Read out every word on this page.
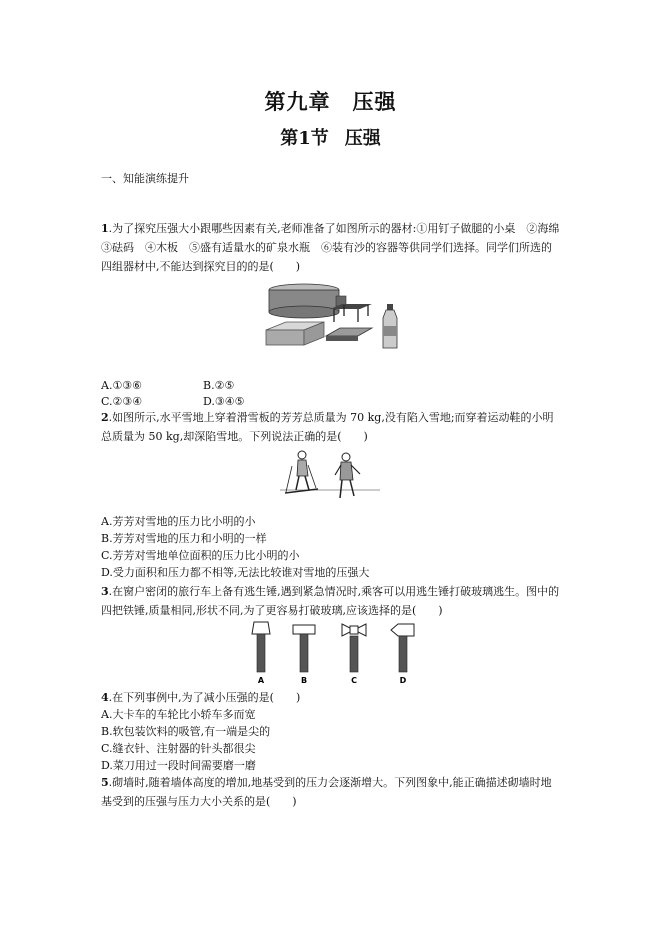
第九章 压强
第1节 压强
一、知能演练提升
1.为了探究压强大小跟哪些因素有关,老师准备了如图所示的器材:①用钉子做腿的小桌　②海绵　③砝码　④木板　⑤盛有适量水的矿泉水瓶　⑥装有沙的容器等供同学们选择。同学们所选的四组器材中,不能达到探究目的的是(　　)
A.①③⑥	B.②⑤
C.②③④	D.③④⑤
2.如图所示,水平雪地上穿着滑雪板的芳芳总质量为 70 kg,没有陷入雪地;而穿着运动鞋的小明总质量为 50 kg,却深陷雪地。下列说法正确的是(　　)
A.芳芳对雪地的压力比小明的小
B.芳芳对雪地的压力和小明的一样
C.芳芳对雪地单位面积的压力比小明的小
D.受力面积和压力都不相等,无法比较谁对雪地的压强大
3.在窗户密闭的旅行车上备有逃生锤,遇到紧急情况时,乘客可以用逃生锤打破玻璃逃生。图中的四把铁锤,质量相同,形状不同,为了更容易打破玻璃,应该选择的是(　　)
A	B	C	D
4.在下列事例中,为了减小压强的是(　　)
A.大卡车的车轮比小轿车多而宽
B.软包装饮料的吸管,有一端是尖的
C.缝衣针、注射器的针头都很尖
D.菜刀用过一段时间需要磨一磨
5.砌墙时,随着墙体高度的增加,地基受到的压力会逐渐增大。下列图象中,能正确描述砌墙时地基受到的压强与压力大小关系的是(　　)
